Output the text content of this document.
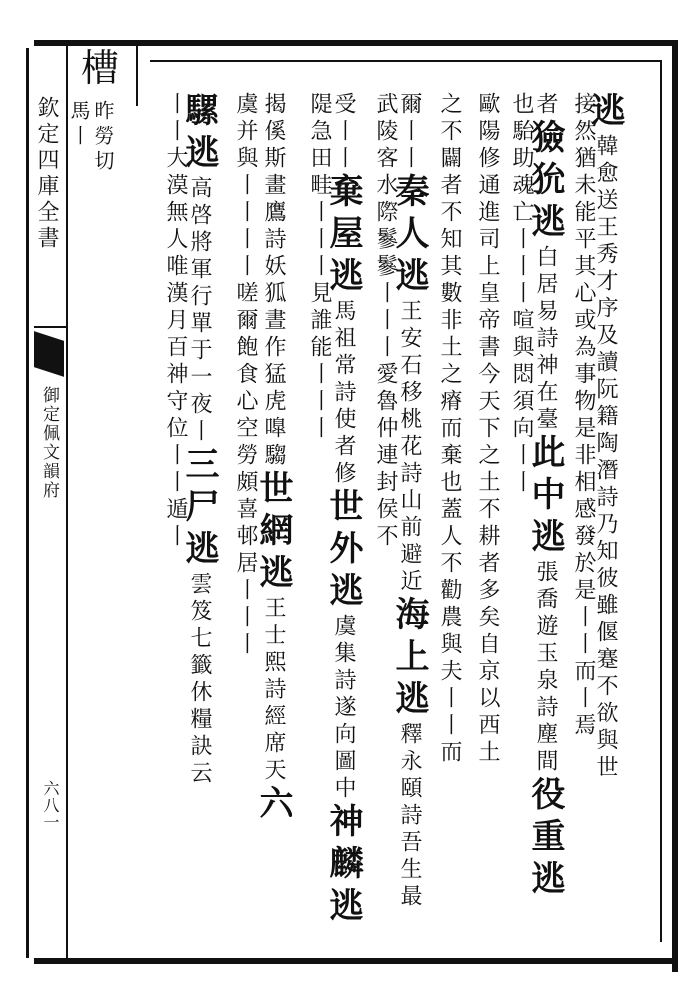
槽
昨勞切
馬丨
欽定四庫全書
御定佩文韻府
六八一
逃韓愈送王秀才序及讀阮籍陶潛詩乃知彼雖偃蹇不欲與世
接然猶未能平其心或為事物是非相感發於是丨丨而丨焉
者獫狁逃白居易詩神在臺此中逃張喬遊玉泉詩塵間役重逃
也駘助魂亡丨丨丨喧與悶須向丨丨
歐陽修通進司上皇帝書今天下之土不耕者多矣自京以西土
之不闢者不知其數非土之瘠而棄也蓋人不勸農與夫丨丨而
爾丨丨秦人逃王安石移桃花詩山前避近海上逃釋永頤詩吾生最
武陵客水際鬖鬖丨丨丨愛魯仲連封侯不
受丨丨棄屋逃馬祖常詩使者修世外逃虞集詩遂向圖中神麟逃
隄急田畦丨丨丨見誰能丨丨丨
揭傒斯畫鷹詩妖狐晝作猛虎嘷騶世網逃王士熙詩經席天六
虞并與丨丨丨丨嗟爾飽食心空勞頗喜邨居丨丨丨
騾逃高啓將軍行單于一夜丨三尸逃雲笈七籤休糧訣云
丨丨大漠無人唯漢月百神守位丨丨遁丨
